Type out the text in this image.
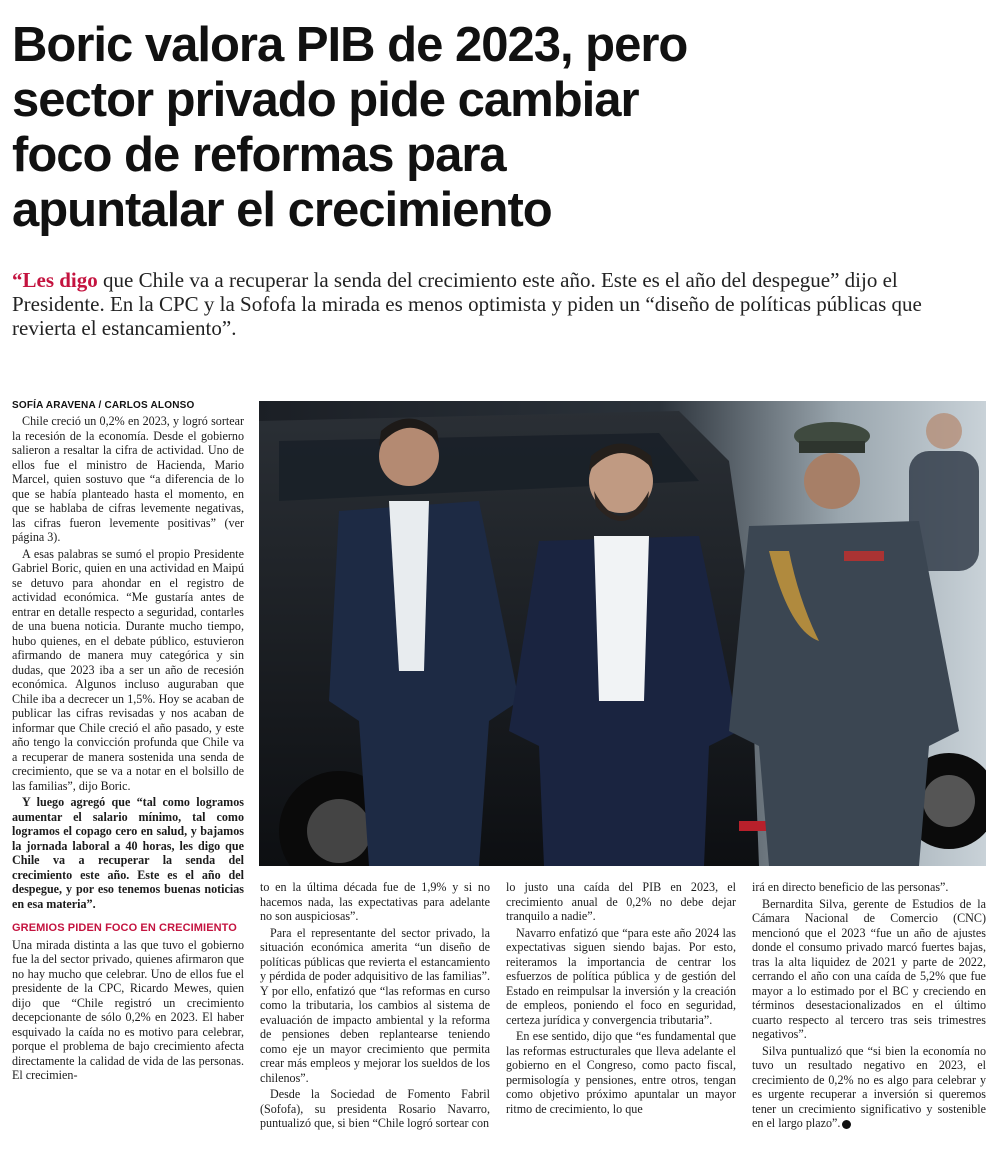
Boric valora PIB de 2023, pero
sector privado pide cambiar
foco de reformas para
apuntalar el crecimiento

“Les digo que Chile va a recuperar la senda del crecimiento este año. Este es el año del despegue” dijo el Presidente. En la CPC y la Sofofa la mirada es menos optimista y piden un “diseño de políticas públicas que revierta el estancamiento”.

SOFÍA ARAVENA / CARLOS ALONSO

Chile creció un 0,2% en 2023, y logró sortear la recesión de la economía. Desde el gobierno salieron a resaltar la cifra de actividad. Uno de ellos fue el ministro de Hacienda, Mario Marcel, quien sostuvo que “a diferencia de lo que se había planteado hasta el momento, en que se hablaba de cifras levemente negativas, las cifras fueron levemente positivas” (ver página 3).

A esas palabras se sumó el propio Presidente Gabriel Boric, quien en una actividad en Maipú se detuvo para ahondar en el registro de actividad económica. “Me gustaría antes de entrar en detalle respecto a seguridad, contarles de una buena noticia. Durante mucho tiempo, hubo quienes, en el debate público, estuvieron afirmando de manera muy categórica y sin dudas, que 2023 iba a ser un año de recesión económica. Algunos incluso auguraban que Chile iba a decrecer un 1,5%. Hoy se acaban de publicar las cifras revisadas y nos acaban de informar que Chile creció el año pasado, y este año tengo la convicción profunda que Chile va a recuperar de manera sostenida una senda de crecimiento, que se va a notar en el bolsillo de las familias”, dijo Boric.

Y luego agregó que “tal como logramos aumentar el salario mínimo, tal como logramos el copago cero en salud, y bajamos la jornada laboral a 40 horas, les digo que Chile va a recuperar la senda del crecimiento este año. Este es el año del despegue, y por eso tenemos buenas noticias en esa materia”.

GREMIOS PIDEN FOCO EN CRECIMIENTO

Una mirada distinta a las que tuvo el gobierno fue la del sector privado, quienes afirmaron que no hay mucho que celebrar. Uno de ellos fue el presidente de la CPC, Ricardo Mewes, quien dijo que “Chile registró un crecimiento decepcionante de sólo 0,2% en 2023. El haber esquivado la caída no es motivo para celebrar, porque el problema de bajo crecimiento afecta directamente la calidad de vida de las personas. El crecimien-

to en la última década fue de 1,9% y si no hacemos nada, las expectativas para adelante no son auspiciosas”.

Para el representante del sector privado, la situación económica amerita “un diseño de políticas públicas que revierta el estancamiento y pérdida de poder adquisitivo de las familias”. Y por ello, enfatizó que “las reformas en curso como la tributaria, los cambios al sistema de evaluación de impacto ambiental y la reforma de pensiones deben replantearse teniendo como eje un mayor crecimiento que permita crear más empleos y mejorar los sueldos de los chilenos”.

Desde la Sociedad de Fomento Fabril (Sofofa), su presidenta Rosario Navarro, puntualizó que, si bien “Chile logró sortear con

lo justo una caída del PIB en 2023, el crecimiento anual de 0,2% no debe dejar tranquilo a nadie”.

Navarro enfatizó que “para este año 2024 las expectativas siguen siendo bajas. Por esto, reiteramos la importancia de centrar los esfuerzos de política pública y de gestión del Estado en reimpulsar la inversión y la creación de empleos, poniendo el foco en seguridad, certeza jurídica y convergencia tributaria”.

En ese sentido, dijo que “es fundamental que las reformas estructurales que lleva adelante el gobierno en el Congreso, como pacto fiscal, permisología y pensiones, entre otros, tengan como objetivo próximo apuntalar un mayor ritmo de crecimiento, lo que

irá en directo beneficio de las personas”.

Bernardita Silva, gerente de Estudios de la Cámara Nacional de Comercio (CNC) mencionó que el 2023 “fue un año de ajustes donde el consumo privado marcó fuertes bajas, tras la alta liquidez de 2021 y parte de 2022, cerrando el año con una caída de 5,2% que fue mayor a lo estimado por el BC y creciendo en términos desestacionalizados en el último cuarto respecto al tercero tras seis trimestres negativos”.

Silva puntualizó que “si bien la economía no tuvo un resultado negativo en 2023, el crecimiento de 0,2% no es algo para celebrar y es urgente recuperar a inversión si queremos tener un crecimiento significativo y sostenible en el largo plazo”.
